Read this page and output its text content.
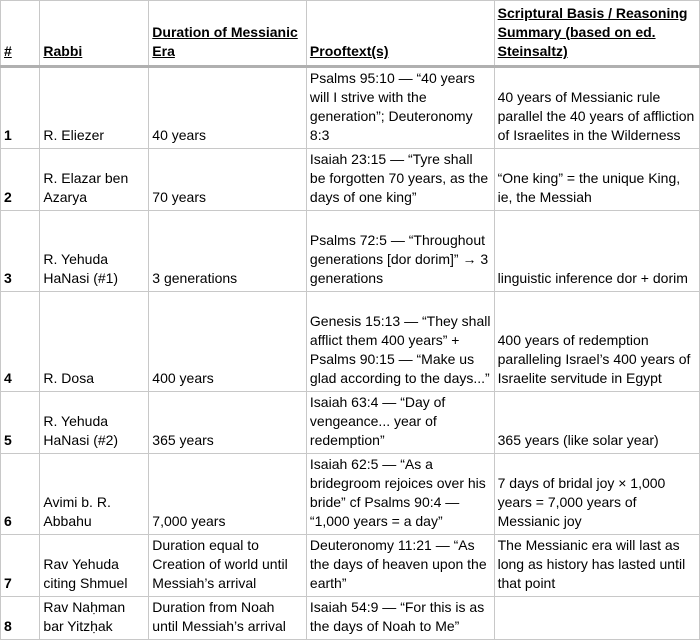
#	Rabbi	Duration of Messianic Era	Prooftext(s)	Scriptural Basis / Reasoning Summary (based on ed. Steinsaltz)
1	R. Eliezer	40 years	Psalms 95:10 — “40 years will I strive with the generation”; Deuteronomy 8:3	40 years of Messianic rule parallel the 40 years of affliction of Israelites in the Wilderness
2	R. Elazar ben Azarya	70 years	Isaiah 23:15 — “Tyre shall be forgotten 70 years, as the days of one king”	“One king” = the unique King, ie, the Messiah
3	R. Yehuda HaNasi (#1)	3 generations	Psalms 72:5 — “Throughout generations [dor dorim]” → 3 generations	linguistic inference dor + dorim
4	R. Dosa	400 years	Genesis 15:13 — “They shall afflict them 400 years” + Psalms 90:15 — “Make us glad according to the days...”	400 years of redemption paralleling Israel’s 400 years of Israelite servitude in Egypt
5	R. Yehuda HaNasi (#2)	365 years	Isaiah 63:4 — “Day of vengeance... year of redemption”	365 years (like solar year)
6	Avimi b. R. Abbahu	7,000 years	Isaiah 62:5 — “As a bridegroom rejoices over his bride” cf Psalms 90:4 — “1,000 years = a day”	7 days of bridal joy × 1,000 years = 7,000 years of Messianic joy
7	Rav Yehuda citing Shmuel	Duration equal to Creation of world until Messiah’s arrival	Deuteronomy 11:21 — “As the days of heaven upon the earth”	The Messianic era will last as long as history has lasted until that point
8	Rav Naḥman bar Yitzḥak	Duration from Noah until Messiah’s arrival	Isaiah 54:9 — “For this is as the days of Noah to Me”	
